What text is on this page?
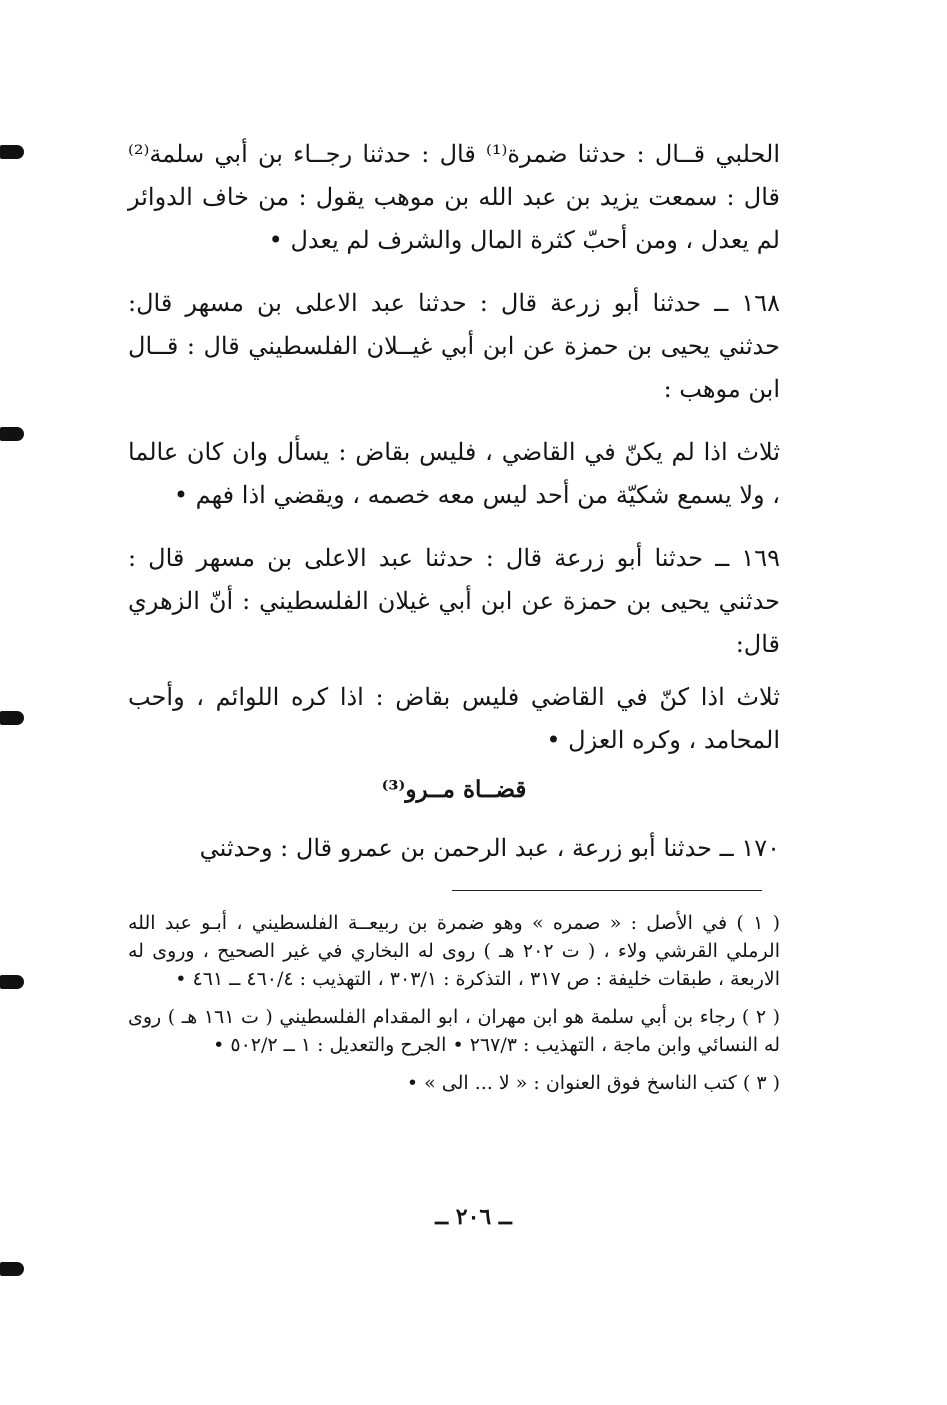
الحلبي قــال : حدثنا ضمرة⁽¹⁾ قال : حدثنا رجــاء بن أبي سلمة⁽²⁾ قال : سمعت يزيد بن عبد الله بن موهب يقول : من خاف الدوائر لم يعدل ، ومن أحبّ كثرة المال والشرف لم يعدل •

١٦٨ ــ حدثنا أبو زرعة قال : حدثنا عبد الاعلى بن مسهر قال: حدثني يحيى بن حمزة عن ابن أبي غيــلان الفلسطيني قال : قــال ابن موهب :

ثلاث اذا لم يكنّ في القاضي ، فليس بقاض : يسأل وان كان عالما ، ولا يسمع شكيّة من أحد ليس معه خصمه ، ويقضي اذا فهم •

١٦٩ ــ حدثنا أبو زرعة قال : حدثنا عبد الاعلى بن مسهر قال : حدثني يحيى بن حمزة عن ابن أبي غيلان الفلسطيني : أنّ الزهري قال:

ثلاث اذا كنّ في القاضي فليس بقاض : اذا كره اللوائم ، وأحب المحامد ، وكره العزل •

قضــاة مــرو⁽³⁾

١٧٠ ــ حدثنا أبو زرعة ، عبد الرحمن بن عمرو قال : وحدثني

( ١ ) في الأصل : « صمره » وهو ضمرة بن ربيعــة الفلسطيني ، أبـو عبد الله الرملي القرشي ولاء ، ( ت ٢٠٢ هـ ) روى له البخاري في غير الصحيح ، وروى له الاربعة ، طبقات خليفة : ص ٣١٧ ، التذكرة : ٣٠٣/١ ، التهذيب : ٤٦٠/٤ ــ ٤٦١ •

( ٢ ) رجاء بن أبي سلمة هو ابن مهران ، ابو المقدام الفلسطيني ( ت ١٦١ هـ ) روى له النسائي وابن ماجة ، التهذيب : ٢٦٧/٣ • الجرح والتعديل : ١ ــ ٥٠٢/٢ •

( ٣ ) كتب الناسخ فوق العنوان : « لا ... الى » •

ــ ٢٠٦ ــ
